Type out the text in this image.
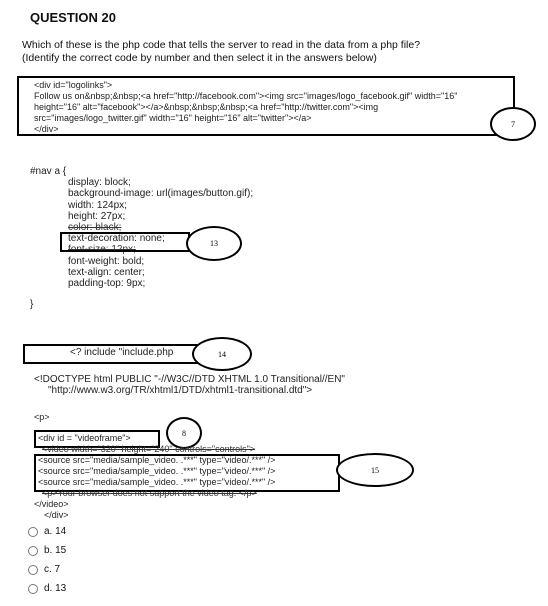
QUESTION 20
Which of these is the php code that tells the server to read in the data from a php file?
(Identify the correct code by number and then select it in the answers below)
<div id="logolinks">
Follow us on&nbsp;&nbsp;<a href="http://facebook.com"><img src="images/logo_facebook.gif" width="16"
height="16" alt="facebook"></a>&nbsp;&nbsp;&nbsp;<a href="http://twitter.com"><img
src="images/logo_twitter.gif" width="16" height="16" alt="twitter"></a>
</div>	7
#nav a {
display: block;
background-image: url(images/button.gif);
width: 124px;
height: 27px;
color: black;
text-decoration: none;
font-size: 12px;
font-weight: bold;
text-align: center;
padding-top: 9px;
}
13
<? include "include.php	14
<!DOCTYPE html PUBLIC "-//W3C//DTD XHTML 1.0 Transitional//EN"
"http://www.w3.org/TR/xhtml1/DTD/xhtml1-transitional.dtd">
<p>
8
15
<div id = "videoframe">
<video width="320" height="240" controls="controls">
<source src="media/sample_video. .***" type="video/.***" />
<source src="media/sample_video. .***" type="video/.***" />
<source src="media/sample_video. .***" type="video/.***" />
<p>Your browser does not support the video tag. </p>
</video>
</div>
a. 14
b. 15
c. 7
d. 13
